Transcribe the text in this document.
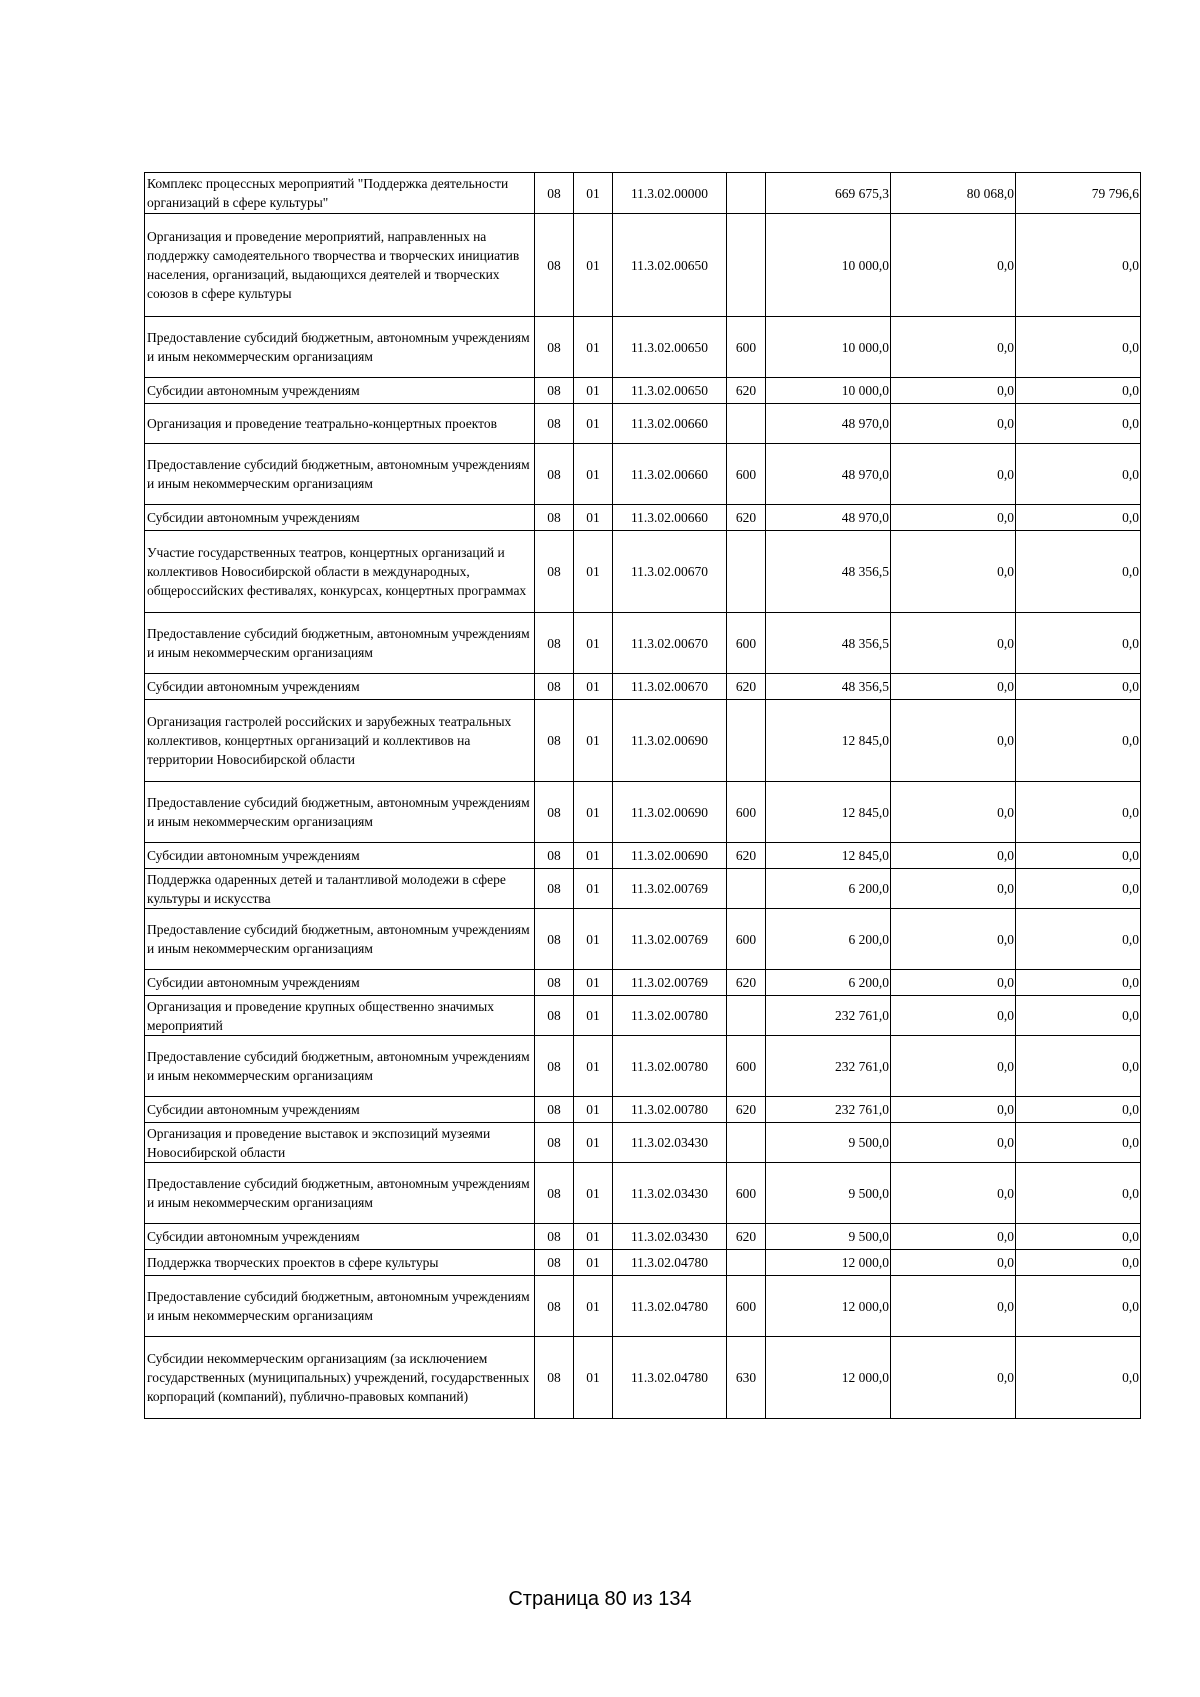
Комплекс процессных мероприятий "Поддержка деятельности организаций в сфере культуры"	08	01	11.3.02.00000		669 675,3	80 068,0	79 796,6
Организация и проведение мероприятий, направленных на поддержку самодеятельного творчества и творческих инициатив населения, организаций, выдающихся деятелей и творческих союзов в сфере культуры	08	01	11.3.02.00650		10 000,0	0,0	0,0
Предоставление субсидий бюджетным, автономным учреждениям и иным некоммерческим организациям	08	01	11.3.02.00650	600	10 000,0	0,0	0,0
Субсидии автономным учреждениям	08	01	11.3.02.00650	620	10 000,0	0,0	0,0
Организация и проведение театрально-концертных проектов	08	01	11.3.02.00660		48 970,0	0,0	0,0
Предоставление субсидий бюджетным, автономным учреждениям и иным некоммерческим организациям	08	01	11.3.02.00660	600	48 970,0	0,0	0,0
Субсидии автономным учреждениям	08	01	11.3.02.00660	620	48 970,0	0,0	0,0
Участие государственных театров, концертных организаций и коллективов Новосибирской области в международных, общероссийских фестивалях, конкурсах, концертных программах	08	01	11.3.02.00670		48 356,5	0,0	0,0
Предоставление субсидий бюджетным, автономным учреждениям и иным некоммерческим организациям	08	01	11.3.02.00670	600	48 356,5	0,0	0,0
Субсидии автономным учреждениям	08	01	11.3.02.00670	620	48 356,5	0,0	0,0
Организация гастролей российских и зарубежных театральных коллективов, концертных организаций и коллективов на территории Новосибирской области	08	01	11.3.02.00690		12 845,0	0,0	0,0
Предоставление субсидий бюджетным, автономным учреждениям и иным некоммерческим организациям	08	01	11.3.02.00690	600	12 845,0	0,0	0,0
Субсидии автономным учреждениям	08	01	11.3.02.00690	620	12 845,0	0,0	0,0
Поддержка одаренных детей и талантливой молодежи в сфере культуры и искусства	08	01	11.3.02.00769		6 200,0	0,0	0,0
Предоставление субсидий бюджетным, автономным учреждениям и иным некоммерческим организациям	08	01	11.3.02.00769	600	6 200,0	0,0	0,0
Субсидии автономным учреждениям	08	01	11.3.02.00769	620	6 200,0	0,0	0,0
Организация и проведение крупных общественно значимых мероприятий	08	01	11.3.02.00780		232 761,0	0,0	0,0
Предоставление субсидий бюджетным, автономным учреждениям и иным некоммерческим организациям	08	01	11.3.02.00780	600	232 761,0	0,0	0,0
Субсидии автономным учреждениям	08	01	11.3.02.00780	620	232 761,0	0,0	0,0
Организация и проведение выставок и экспозиций музеями Новосибирской области	08	01	11.3.02.03430		9 500,0	0,0	0,0
Предоставление субсидий бюджетным, автономным учреждениям и иным некоммерческим организациям	08	01	11.3.02.03430	600	9 500,0	0,0	0,0
Субсидии автономным учреждениям	08	01	11.3.02.03430	620	9 500,0	0,0	0,0
Поддержка творческих проектов в сфере культуры	08	01	11.3.02.04780		12 000,0	0,0	0,0
Предоставление субсидий бюджетным, автономным учреждениям и иным некоммерческим организациям	08	01	11.3.02.04780	600	12 000,0	0,0	0,0
Субсидии некоммерческим организациям (за исключением государственных (муниципальных) учреждений, государственных корпораций (компаний), публично-правовых компаний)	08	01	11.3.02.04780	630	12 000,0	0,0	0,0
Страница 80 из 134
